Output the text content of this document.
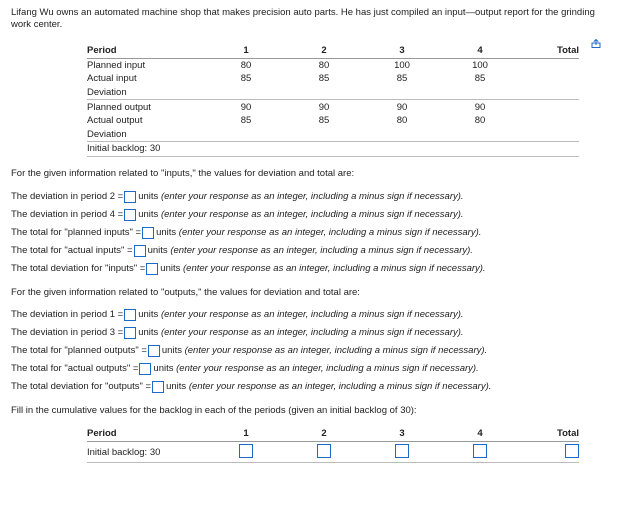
Lifang Wu owns an automated machine shop that makes precision auto parts. He has just compiled an input—output report for the grinding work center.
Period	1	2	3	4	Total
Planned input	80	80	100	100	
Actual input	85	85	85	85	
Deviation					
Planned output	90	90	90	90	
Actual output	85	85	80	80	
Deviation					
Initial backlog: 30					
For the given information related to "inputs," the values for deviation and total are:
The deviation in period 2 = units (enter your response as an integer, including a minus sign if necessary).
The deviation in period 4 = units (enter your response as an integer, including a minus sign if necessary).
The total for "planned inputs" = units (enter your response as an integer, including a minus sign if necessary).
The total for "actual inputs" = units (enter your response as an integer, including a minus sign if necessary).
The total deviation for "inputs" = units (enter your response as an integer, including a minus sign if necessary).
For the given information related to "outputs," the values for deviation and total are:
The deviation in period 1 = units (enter your response as an integer, including a minus sign if necessary).
The deviation in period 3 = units (enter your response as an integer, including a minus sign if necessary).
The total for "planned outputs" = units (enter your response as an integer, including a minus sign if necessary).
The total for "actual outputs" = units (enter your response as an integer, including a minus sign if necessary).
The total deviation for "outputs" = units (enter your response as an integer, including a minus sign if necessary).
Fill in the cumulative values for the backlog in each of the periods (given an initial backlog of 30):
Period	1	2	3	4	Total
Initial backlog: 30					
